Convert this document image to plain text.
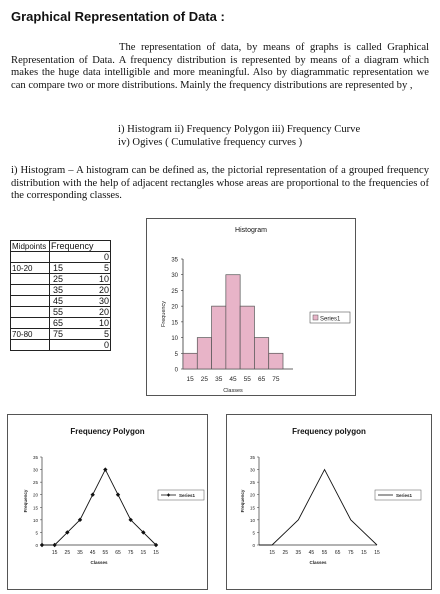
Graphical Representation of Data :

The representation of data, by means of graphs is called Graphical Representation of Data. A frequency distribution is represented by means of a diagram which makes the huge data intelligible and more meaningful. Also by diagrammatic representation we can compare two or more distributions. Mainly the frequency distributions are represented by ,

i) Histogram ii) Frequency Polygon iii) Frequency Curve
iv) Ogives ( Cumulative frequency curves )

i) Histogram – A histogram can be defined as, the pictorial representation of a grouped frequency distribution with the help of adjacent rectangles whose areas are proportional to the frequencies of the corresponding classes.

Midpoints	Frequency	
		0
10-20	15	5
	25	10
	35	20
	45	30
	55	20
	65	10
70-80	75	5
		0
Histogram
0
5
10
15
20
25
30
35
15 25 35 45 55 65 75
Classes
Frequency	Series1
Frequency Polygon
0
5
10
15
20
25
30
35
15 25 35 45 55 65 75 15 15
Classes
Frequency	Series1
Frequency polygon
0
5
10
15
20
25
30
35
15 25 35 45 55 65 75 15 15
Classes
Frequency	Series1
